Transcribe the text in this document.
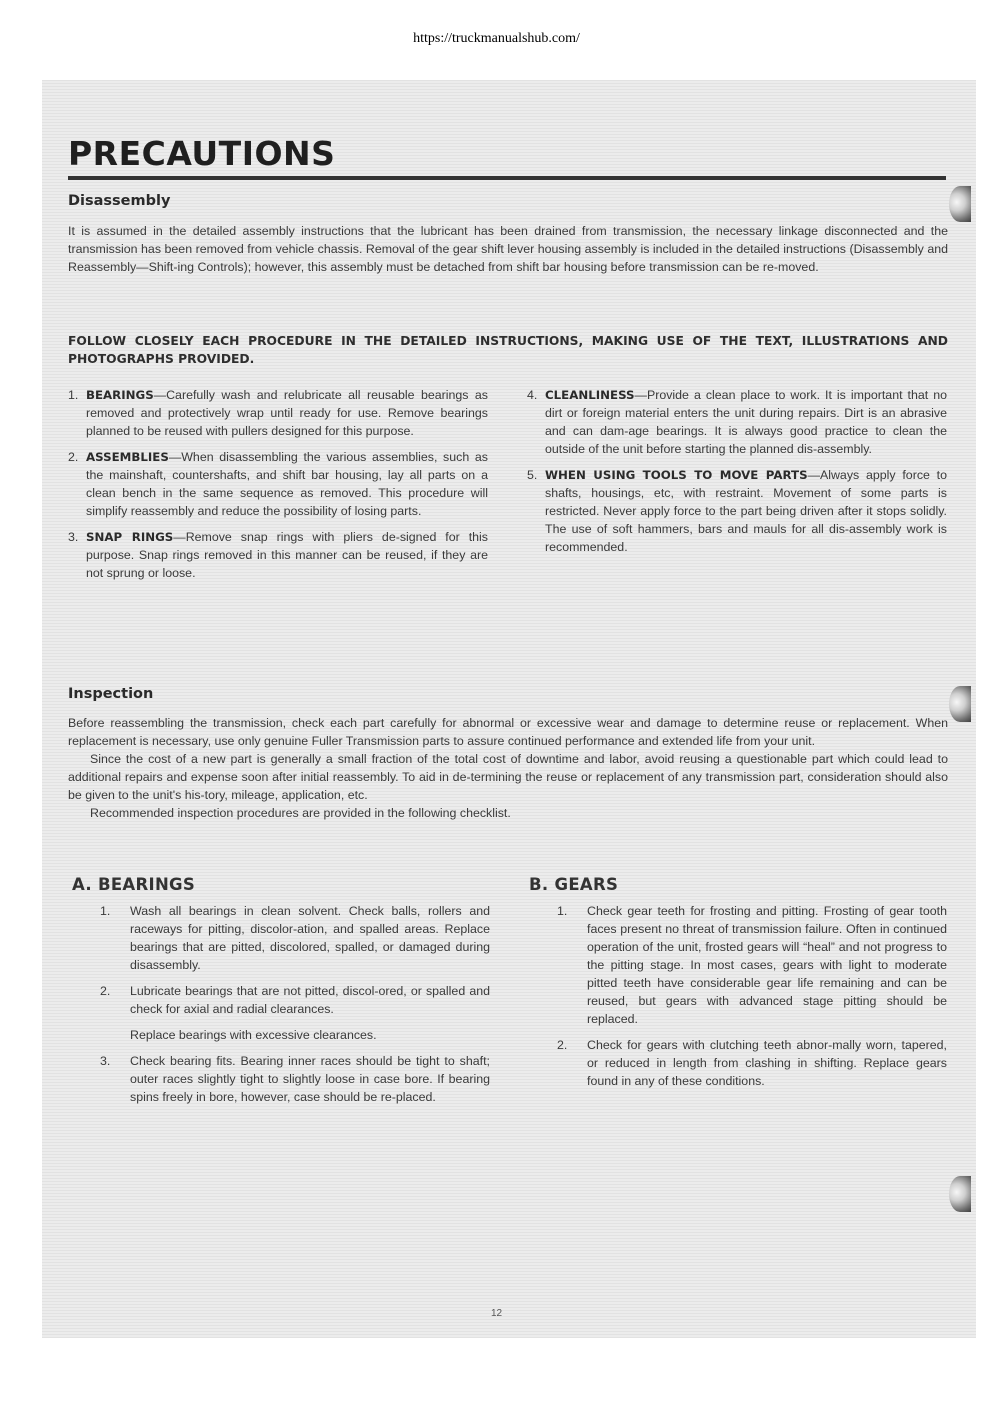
https://truckmanualshub.com/
PRECAUTIONS
Disassembly

It is assumed in the detailed assembly instructions that the lubricant has been drained from transmission, the necessary linkage disconnected and the transmission has been removed from vehicle chassis. Removal of the gear shift lever housing assembly is included in the detailed instructions (Disassembly and Reassembly—Shift-ing Controls); however, this assembly must be detached from shift bar housing before transmission can be re-moved.

FOLLOW CLOSELY EACH PROCEDURE IN THE DETAILED INSTRUCTIONS, MAKING USE OF THE TEXT, ILLUSTRATIONS AND PHOTOGRAPHS PROVIDED.

1. BEARINGS—Carefully wash and relubricate all reusable bearings as removed and protectively wrap until ready for use. Remove bearings planned to be reused with pullers designed for this purpose.
2. ASSEMBLIES—When disassembling the various assemblies, such as the mainshaft, countershafts, and shift bar housing, lay all parts on a clean bench in the same sequence as removed. This procedure will simplify reassembly and reduce the possibility of losing parts.
3. SNAP RINGS—Remove snap rings with pliers de-signed for this purpose. Snap rings removed in this manner can be reused, if they are not sprung or loose.
4. CLEANLINESS—Provide a clean place to work. It is important that no dirt or foreign material enters the unit during repairs. Dirt is an abrasive and can dam-age bearings. It is always good practice to clean the outside of the unit before starting the planned dis-assembly.
5. WHEN USING TOOLS TO MOVE PARTS—Always apply force to shafts, housings, etc, with restraint. Movement of some parts is restricted. Never apply force to the part being driven after it stops solidly. The use of soft hammers, bars and mauls for all dis-assembly work is recommended.
Inspection

Before reassembling the transmission, check each part carefully for abnormal or excessive wear and damage to determine reuse or replacement. When replacement is necessary, use only genuine Fuller Transmission parts to assure continued performance and extended life from your unit.

Since the cost of a new part is generally a small fraction of the total cost of downtime and labor, avoid reusing a questionable part which could lead to additional repairs and expense soon after initial reassembly. To aid in de-termining the reuse or replacement of any transmission part, consideration should also be given to the unit's his-tory, mileage, application, etc.

Recommended inspection procedures are provided in the following checklist.

A. BEARINGS
1. Wash all bearings in clean solvent. Check balls, rollers and raceways for pitting, discolor-ation, and spalled areas. Replace bearings that are pitted, discolored, spalled, or damaged during disassembly.
2. Lubricate bearings that are not pitted, discol-ored, or spalled and check for axial and radial clearances.
Replace bearings with excessive clearances.
3. Check bearing fits. Bearing inner races should be tight to shaft; outer races slightly tight to slightly loose in case bore. If bearing spins freely in bore, however, case should be re-placed.
B. GEARS
1. Check gear teeth for frosting and pitting. Frosting of gear tooth faces present no threat of transmission failure. Often in continued operation of the unit, frosted gears will “heal” and not progress to the pitting stage. In most cases, gears with light to moderate pitted teeth have considerable gear life remaining and can be reused, but gears with advanced stage pitting should be replaced.
2. Check for gears with clutching teeth abnor-mally worn, tapered, or reduced in length from clashing in shifting. Replace gears found in any of these conditions.
12
